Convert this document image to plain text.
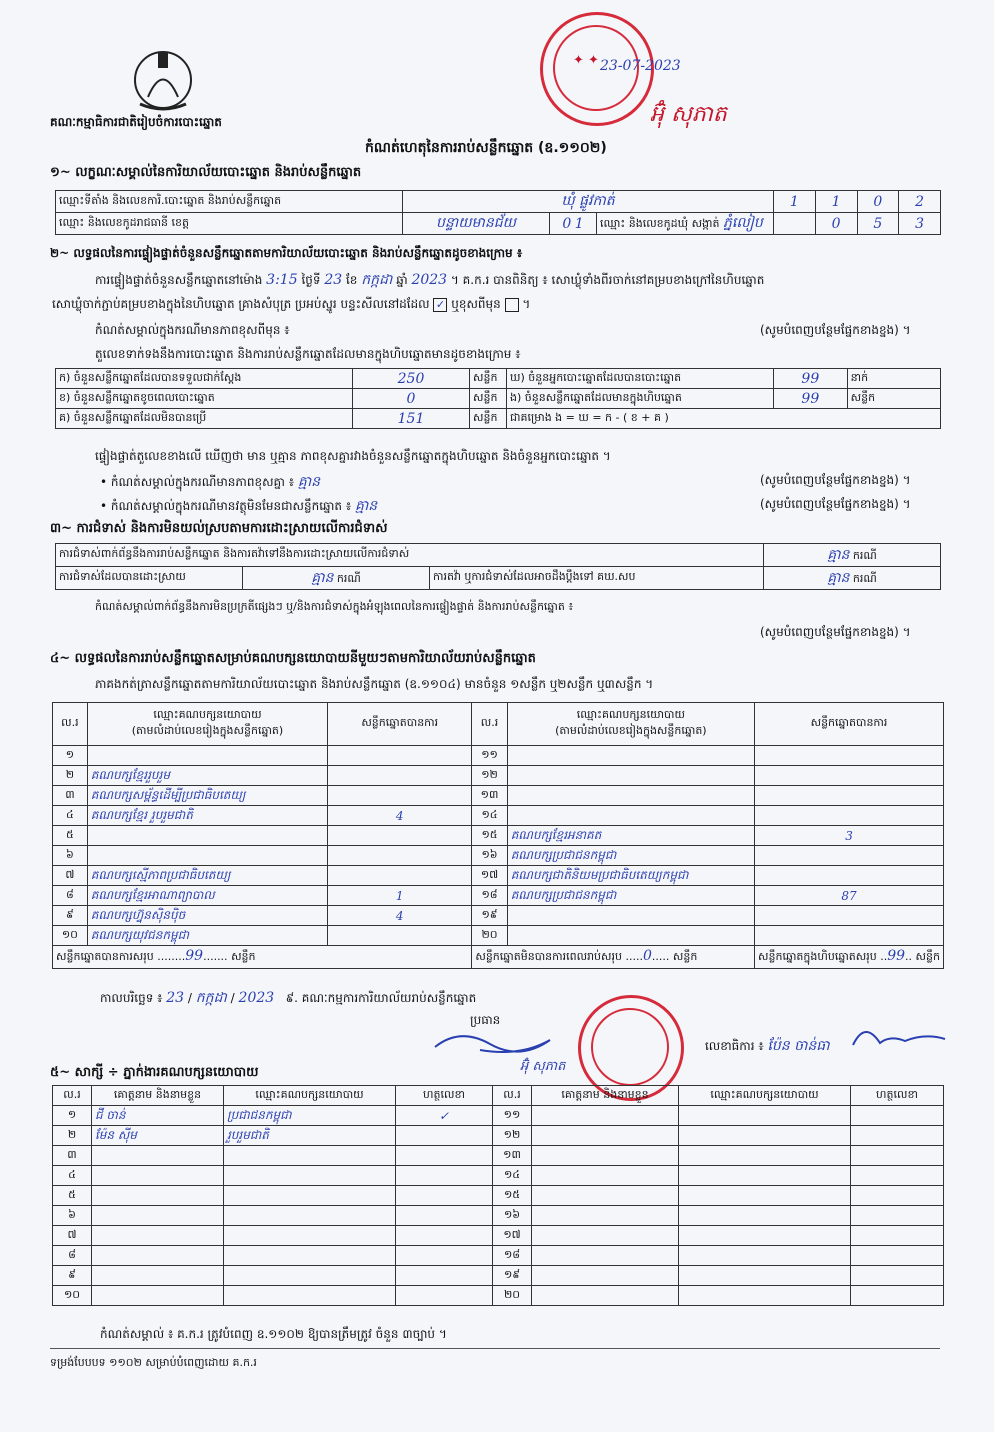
គណៈកម្មាធិការជាតិរៀបចំការបោះឆ្នោត
កំណត់ហេតុនៃការរាប់សន្លឹកឆ្នោត (ឧ.១១០២)
✦ ✦ 23-07-2023
អ៊ុំ សុភាត
១~ លក្ខណៈសម្គាល់នៃការិយាល័យបោះឆ្នោត និងរាប់សន្លឹកឆ្នោត
ឈ្មោះទីតាំង និងលេខការិ.បោះឆ្នោត និងរាប់សន្លឹកឆ្នោត	ឃុំ ផ្លូវកាត់			1	1	0	2
ឈ្មោះ និងលេខកូដរាជធានី ខេត្ត	បន្ទាយមានជ័យ	0 1	ឈ្មោះ និងលេខកូដឃុំ សង្កាត់ ភ្នំលៀប		0	5	3
២~ លទ្ធផលនៃការផ្ទៀងផ្ទាត់ចំនួនសន្លឹកឆ្នោតតាមការិយាល័យបោះឆ្នោត និងរាប់សន្លឹកឆ្នោតដូចខាងក្រោម ៖
ការផ្ទៀងផ្ទាត់ចំនួនសន្លឹកឆ្នោតនៅម៉ោង 3:15 ថ្ងៃទី 23 ខែ កក្កដា ឆ្នាំ 2023 ។ គ.ក.រ បានពិនិត្យ ៖ សោឃ្លុំទាំងពីរចាក់នៅគម្របខាងក្រៅនៃហិបឆ្នោត
សោឃ្លុំចាក់ភ្ជាប់គម្របខាងក្នុងនៃហិបឆ្នោត គ្រាងសំបុត្រ ប្រអប់ស្នូរ បន្ទះសីលនៅដដែល ✓ ឬខុសពីមុន  ។
កំណត់សម្គាល់ក្នុងករណីមានភាពខុសពីមុន ៖	(សូមបំពេញបន្ថែមផ្នែកខាងខ្នង) ។
តួលេខទាក់ទងនឹងការបោះឆ្នោត និងការរាប់សន្លឹកឆ្នោតដែលមានក្នុងហិបឆ្នោតមានដូចខាងក្រោម ៖
ក) ចំនួនសន្លឹកឆ្នោតដែលបានទទួលជាក់ស្តែង	250	សន្លឹក	ឃ) ចំនួនអ្នកបោះឆ្នោតដែលបានបោះឆ្នោត	99	នាក់
ខ) ចំនួនសន្លឹកឆ្នោតខូចពេលបោះឆ្នោត	0	សន្លឹក	ង) ចំនួនសន្លឹកឆ្នោតដែលមានក្នុងហិបឆ្នោត	99	សន្លឹក
គ) ចំនួនសន្លឹកឆ្នោតដែលមិនបានប្រើ	151	សន្លឹក	ជាគម្រោង ង = ឃ = ក - ( ខ + គ )		
ផ្ទៀងផ្ទាត់តួលេខខាងលើ ឃើញថា មាន ឬគ្មាន ភាពខុសគ្នារវាងចំនួនសន្លឹកឆ្នោតក្នុងហិបឆ្នោត និងចំនួនអ្នកបោះឆ្នោត ។
• កំណត់សម្គាល់ក្នុងករណីមានភាពខុសគ្នា ៖ គ្មាន	(សូមបំពេញបន្ថែមផ្នែកខាងខ្នង) ។
• កំណត់សម្គាល់ក្នុងករណីមានវត្ថុមិនមែនជាសន្លឹកឆ្នោត ៖ គ្មាន	(សូមបំពេញបន្ថែមផ្នែកខាងខ្នង) ។
៣~ ការជំទាស់ និងការមិនយល់ស្របតាមការដោះស្រាយលើការជំទាស់
ការជំទាស់ពាក់ព័ន្ធនឹងការរាប់សន្លឹកឆ្នោត និងការតវ៉ាទៅនឹងការដោះស្រាយលើការជំទាស់			គ្មាន ករណី
ការជំទាស់ដែលបានដោះស្រាយ	គ្មាន ករណី	ការតវ៉ា ឬការជំទាស់ដែលអាចដឹងប្តឹងទៅ គឃ.សប	គ្មាន ករណី
កំណត់សម្គាល់ពាក់ព័ន្ធនឹងការមិនប្រក្រតីផ្សេងៗ ឬ/និងការជំទាស់ក្នុងអំឡុងពេលនៃការផ្ទៀងផ្ទាត់ និងការរាប់សន្លឹកឆ្នោត ៖
(សូមបំពេញបន្ថែមផ្នែកខាងខ្នង) ។
៤~ លទ្ធផលនៃការរាប់សន្លឹកឆ្នោតសម្រាប់គណបក្សនយោបាយនីមួយៗតាមការិយាល័យរាប់សន្លឹកឆ្នោត
ភាគងកត់ត្រាសន្លឹកឆ្នោតតាមការិយាល័យបោះឆ្នោត និងរាប់សន្លឹកឆ្នោត (ឧ.១១០៤) មានចំនួន ១សន្លឹក ឬ២សន្លឹក ឬ៣សន្លឹក ។
ល.រ	ឈ្មោះគណបក្សនយោបាយ
(តាមលំដាប់លេខរៀងក្នុងសន្លឹកឆ្នោត)	សន្លឹកឆ្នោតបានការ	ល.រ	ឈ្មោះគណបក្សនយោបាយ
(តាមលំដាប់លេខរៀងក្នុងសន្លឹកឆ្នោត)	សន្លឹកឆ្នោតបានការ
១			១១		
២	គណបក្សខ្មែររួបរួម		១២		
៣	គណបក្សសម្ព័ន្ធដើម្បីប្រជាធិបតេយ្យ		១៣		
៤	គណបក្សខ្មែរ រួបរួមជាតិ	4	១៤		
៥			១៥	គណបក្សខ្មែរអនាគត	3
៦			១៦	គណបក្សប្រជាជនកម្ពុជា	
៧	គណបក្សស្មើភាពប្រជាធិបតេយ្យ		១៧	គណបក្សជាតិនិយមប្រជាធិបតេយ្យកម្ពុជា	
៨	គណបក្សខ្មែរអាណាព្យាបាល	1	១៨	គណបក្សប្រជាជនកម្ពុជា	87
៩	គណបក្សហ្វ៊ុនស៊ិនប៉ិច	4	១៩		
១០	គណបក្សយុវជនកម្ពុជា		២០		
សន្លឹកឆ្នោតបានការសរុប ........99....... សន្លឹក			សន្លឹកឆ្នោតមិនបានការពេលរាប់សរុប .....0..... សន្លឹក		សន្លឹកឆ្នោតក្នុងហិបឆ្នោតសរុប ..99.. សន្លឹក
កាលបរិច្ឆេទ ៖ 23 / កក្កដា / 2023 ៩. គណៈកម្មការការិយាល័យរាប់សន្លឹកឆ្នោត
ប្រធាន
អ៊ុំ សុភាត
លេខាធិការ ៖ ប៉ែន ចាន់ធា
៥~ សាក្សី ÷ ភ្នាក់ងារគណបក្សនយោបាយ
ល.រ	គោត្តនាម និងនាមខ្លួន	ឈ្មោះគណបក្សនយោបាយ	ហត្ថលេខា	ល.រ	គោត្តនាម និងនាមខ្លួន	ឈ្មោះគណបក្សនយោបាយ	ហត្ថលេខា
១	ជី ចាន់	ប្រជាជនកម្ពុជា	✓	១១			
២	ម៉ែន ស៊ីម	រួបរួមជាតិ		១២			
៣				១៣			
៤				១៤			
៥				១៥			
៦				១៦			
៧				១៧			
៨				១៨			
៩				១៩			
១០				២០			
កំណត់សម្គាល់ ៖ គ.ក.រ ត្រូវបំពេញ ឧ.១១០២ ឱ្យបានត្រឹមត្រូវ ចំនួន ៣ច្បាប់ ។
ទម្រង់បែបបទ ១១០២ សម្រាប់បំពេញដោយ គ.ក.រ
